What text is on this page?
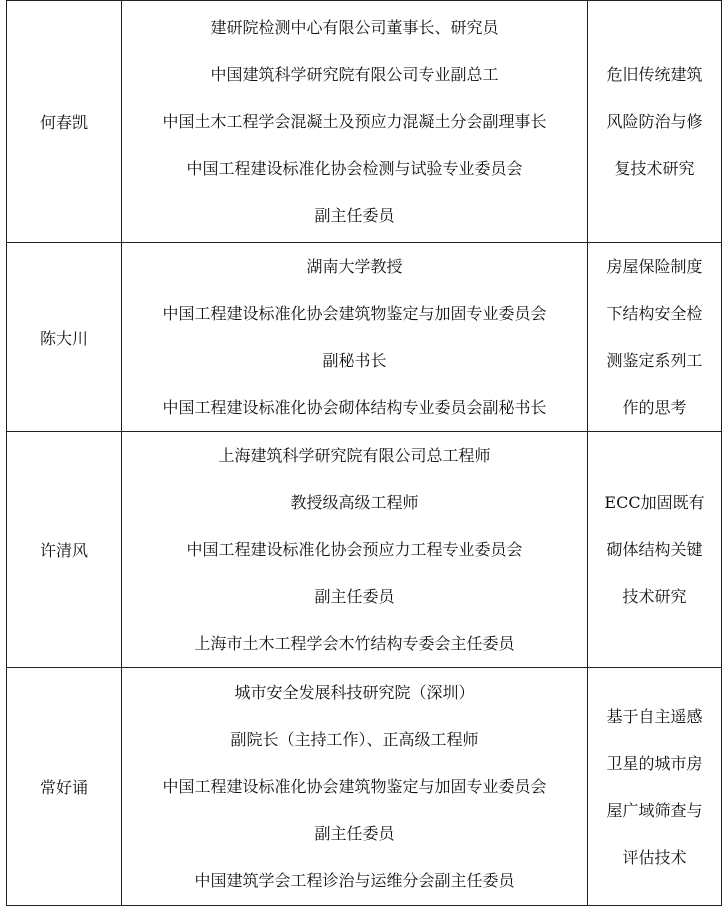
何春凯	建研院检测中心有限公司董事长、研究员
中国建筑科学研究院有限公司专业副总工
中国土木工程学会混凝土及预应力混凝土分会副理事长
中国工程建设标准化协会检测与试验专业委员会
副主任委员	危旧传统建筑
风险防治与修
复技术研究

陈大川	湖南大学教授
中国工程建设标准化协会建筑物鉴定与加固专业委员会
副秘书长
中国工程建设标准化协会砌体结构专业委员会副秘书长	房屋保险制度
下结构安全检
测鉴定系列工
作的思考

许清风	上海建筑科学研究院有限公司总工程师
教授级高级工程师
中国工程建设标准化协会预应力工程专业委员会
副主任委员
上海市土木工程学会木竹结构专委会主任委员	ECC加固既有
砌体结构关键
技术研究

常好诵	城市安全发展科技研究院（深圳）
副院长（主持工作）、正高级工程师
中国工程建设标准化协会建筑物鉴定与加固专业委员会
副主任委员
中国建筑学会工程诊治与运维分会副主任委员	基于自主遥感
卫星的城市房
屋广域筛查与
评估技术
